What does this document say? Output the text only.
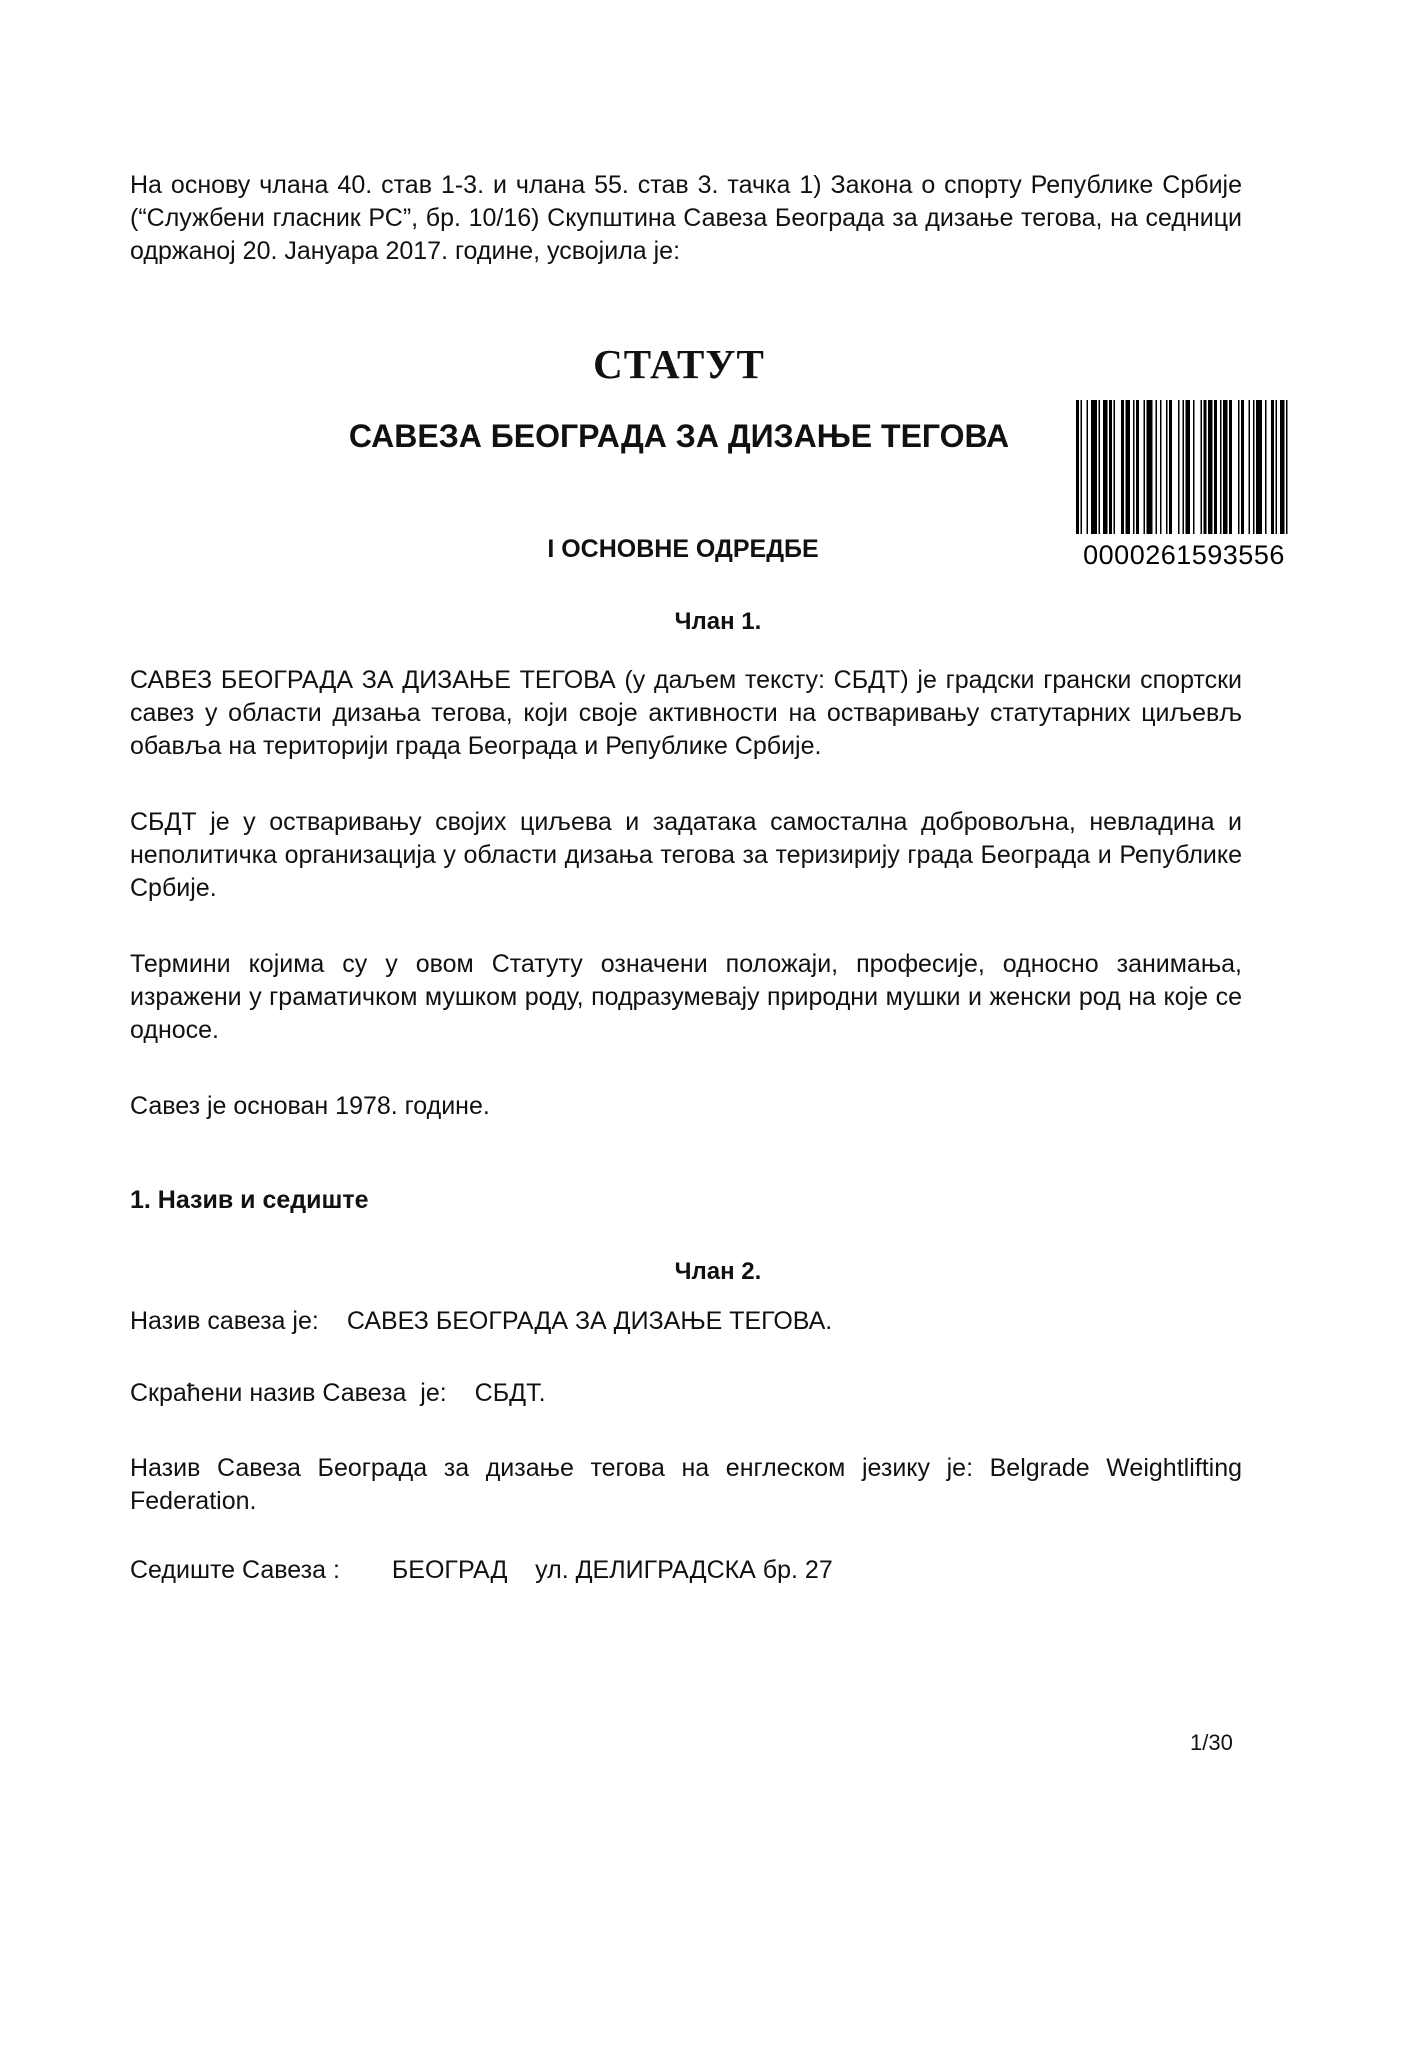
На основу члана 40. став 1-3. и члана 55. став 3. тачка 1) Закона о спорту Републике Србије (“Службени гласник РС”, бр. 10/16) Скупштина Савеза Београда за дизање тегова, на седници одржаној 20. Јануара 2017. године, усвојила је:

СТАТУТ
САВЕЗА БЕОГРАДА ЗА ДИЗАЊЕ ТЕГОВА
0000261593556
I ОСНОВНЕ ОДРЕДБЕ
Члан 1.

САВЕЗ БЕОГРАДА ЗА ДИЗАЊЕ ТЕГОВА (у даљем тексту: СБДТ) је градски грански спортски савез у области дизања тегова, који своје активности на остваривању статутарних циљевљ обавља на територији града Београда и Републике Србије.

СБДТ је у остваривању својих циљева и задатака самостална добровољна, невладина и неполитичка организација у области дизања тегова за теризирију града Београда и Републике Србије.

Термини којима су у овом Статуту означени положаји, професије, односно занимања, изражени у граматичком мушком роду, подразумевају природни мушки и женски род на које се односе.

Савез је основан 1978. године.

1. Назив и седиште
Члан 2.
Назив савеза је: САВЕЗ БЕОГРАДА ЗА ДИЗАЊЕ ТЕГОВА.
Скраћени назив Савеза  је: СБДТ.

Назив Савеза Београда за дизање тегова на енглеском језику је: Belgrade Weightlifting Federation.

Седиште Савеза : БЕОГРАД    ул. ДЕЛИГРАДСКА бр. 27

1/30
